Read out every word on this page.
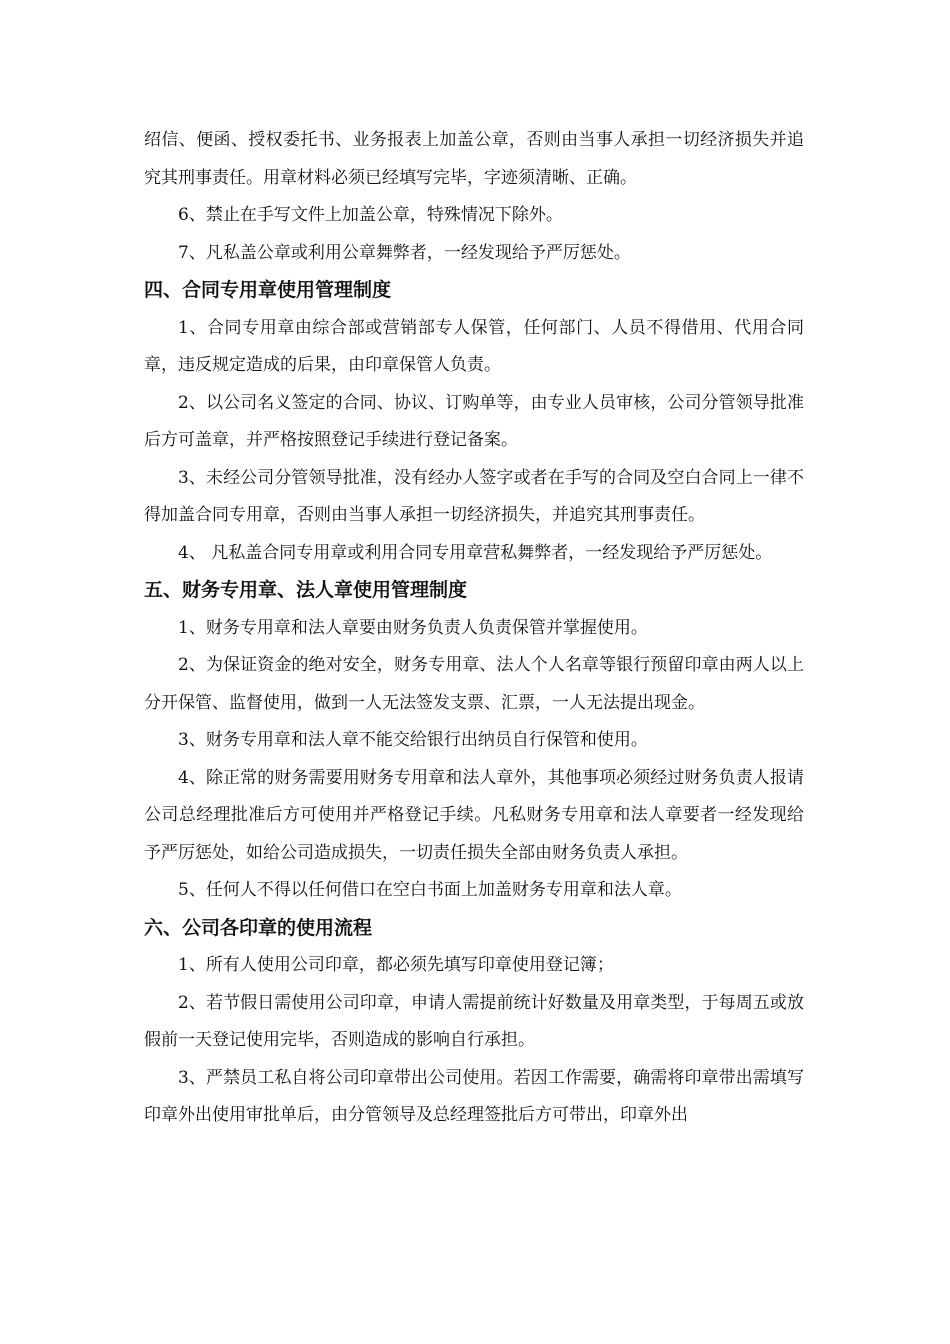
绍信、便函、授权委托书、业务报表上加盖公章，否则由当事人承担一切经济损失并追究其刑事责任。用章材料必须已经填写完毕，字迹须清晰、正确。

6、禁止在手写文件上加盖公章，特殊情况下除外。

7、凡私盖公章或利用公章舞弊者，一经发现给予严厉惩处。

四、合同专用章使用管理制度

1、合同专用章由综合部或营销部专人保管，任何部门、人员不得借用、代用合同章，违反规定造成的后果，由印章保管人负责。

2、以公司名义签定的合同、协议、订购单等，由专业人员审核，公司分管领导批准后方可盖章，并严格按照登记手续进行登记备案。

3、未经公司分管领导批准，没有经办人签字或者在手写的合同及空白合同上一律不得加盖合同专用章，否则由当事人承担一切经济损失，并追究其刑事责任。

4、 凡私盖合同专用章或利用合同专用章营私舞弊者，一经发现给予严厉惩处。

五、财务专用章、法人章使用管理制度

1、财务专用章和法人章要由财务负责人负责保管并掌握使用。

2、为保证资金的绝对安全，财务专用章、法人个人名章等银行预留印章由两人以上分开保管、监督使用，做到一人无法签发支票、汇票，一人无法提出现金。

3、财务专用章和法人章不能交给银行出纳员自行保管和使用。

4、除正常的财务需要用财务专用章和法人章外，其他事项必须经过财务负责人报请公司总经理批准后方可使用并严格登记手续。凡私财务专用章和法人章要者一经发现给予严厉惩处，如给公司造成损失，一切责任损失全部由财务负责人承担。

5、任何人不得以任何借口在空白书面上加盖财务专用章和法人章。

六、公司各印章的使用流程

1、所有人使用公司印章，都必须先填写印章使用登记簿；

2、若节假日需使用公司印章，申请人需提前统计好数量及用章类型，于每周五或放假前一天登记使用完毕，否则造成的影响自行承担。

3、严禁员工私自将公司印章带出公司使用。若因工作需要，确需将印章带出需填写印章外出使用审批单后，由分管领导及总经理签批后方可带出，印章外出
